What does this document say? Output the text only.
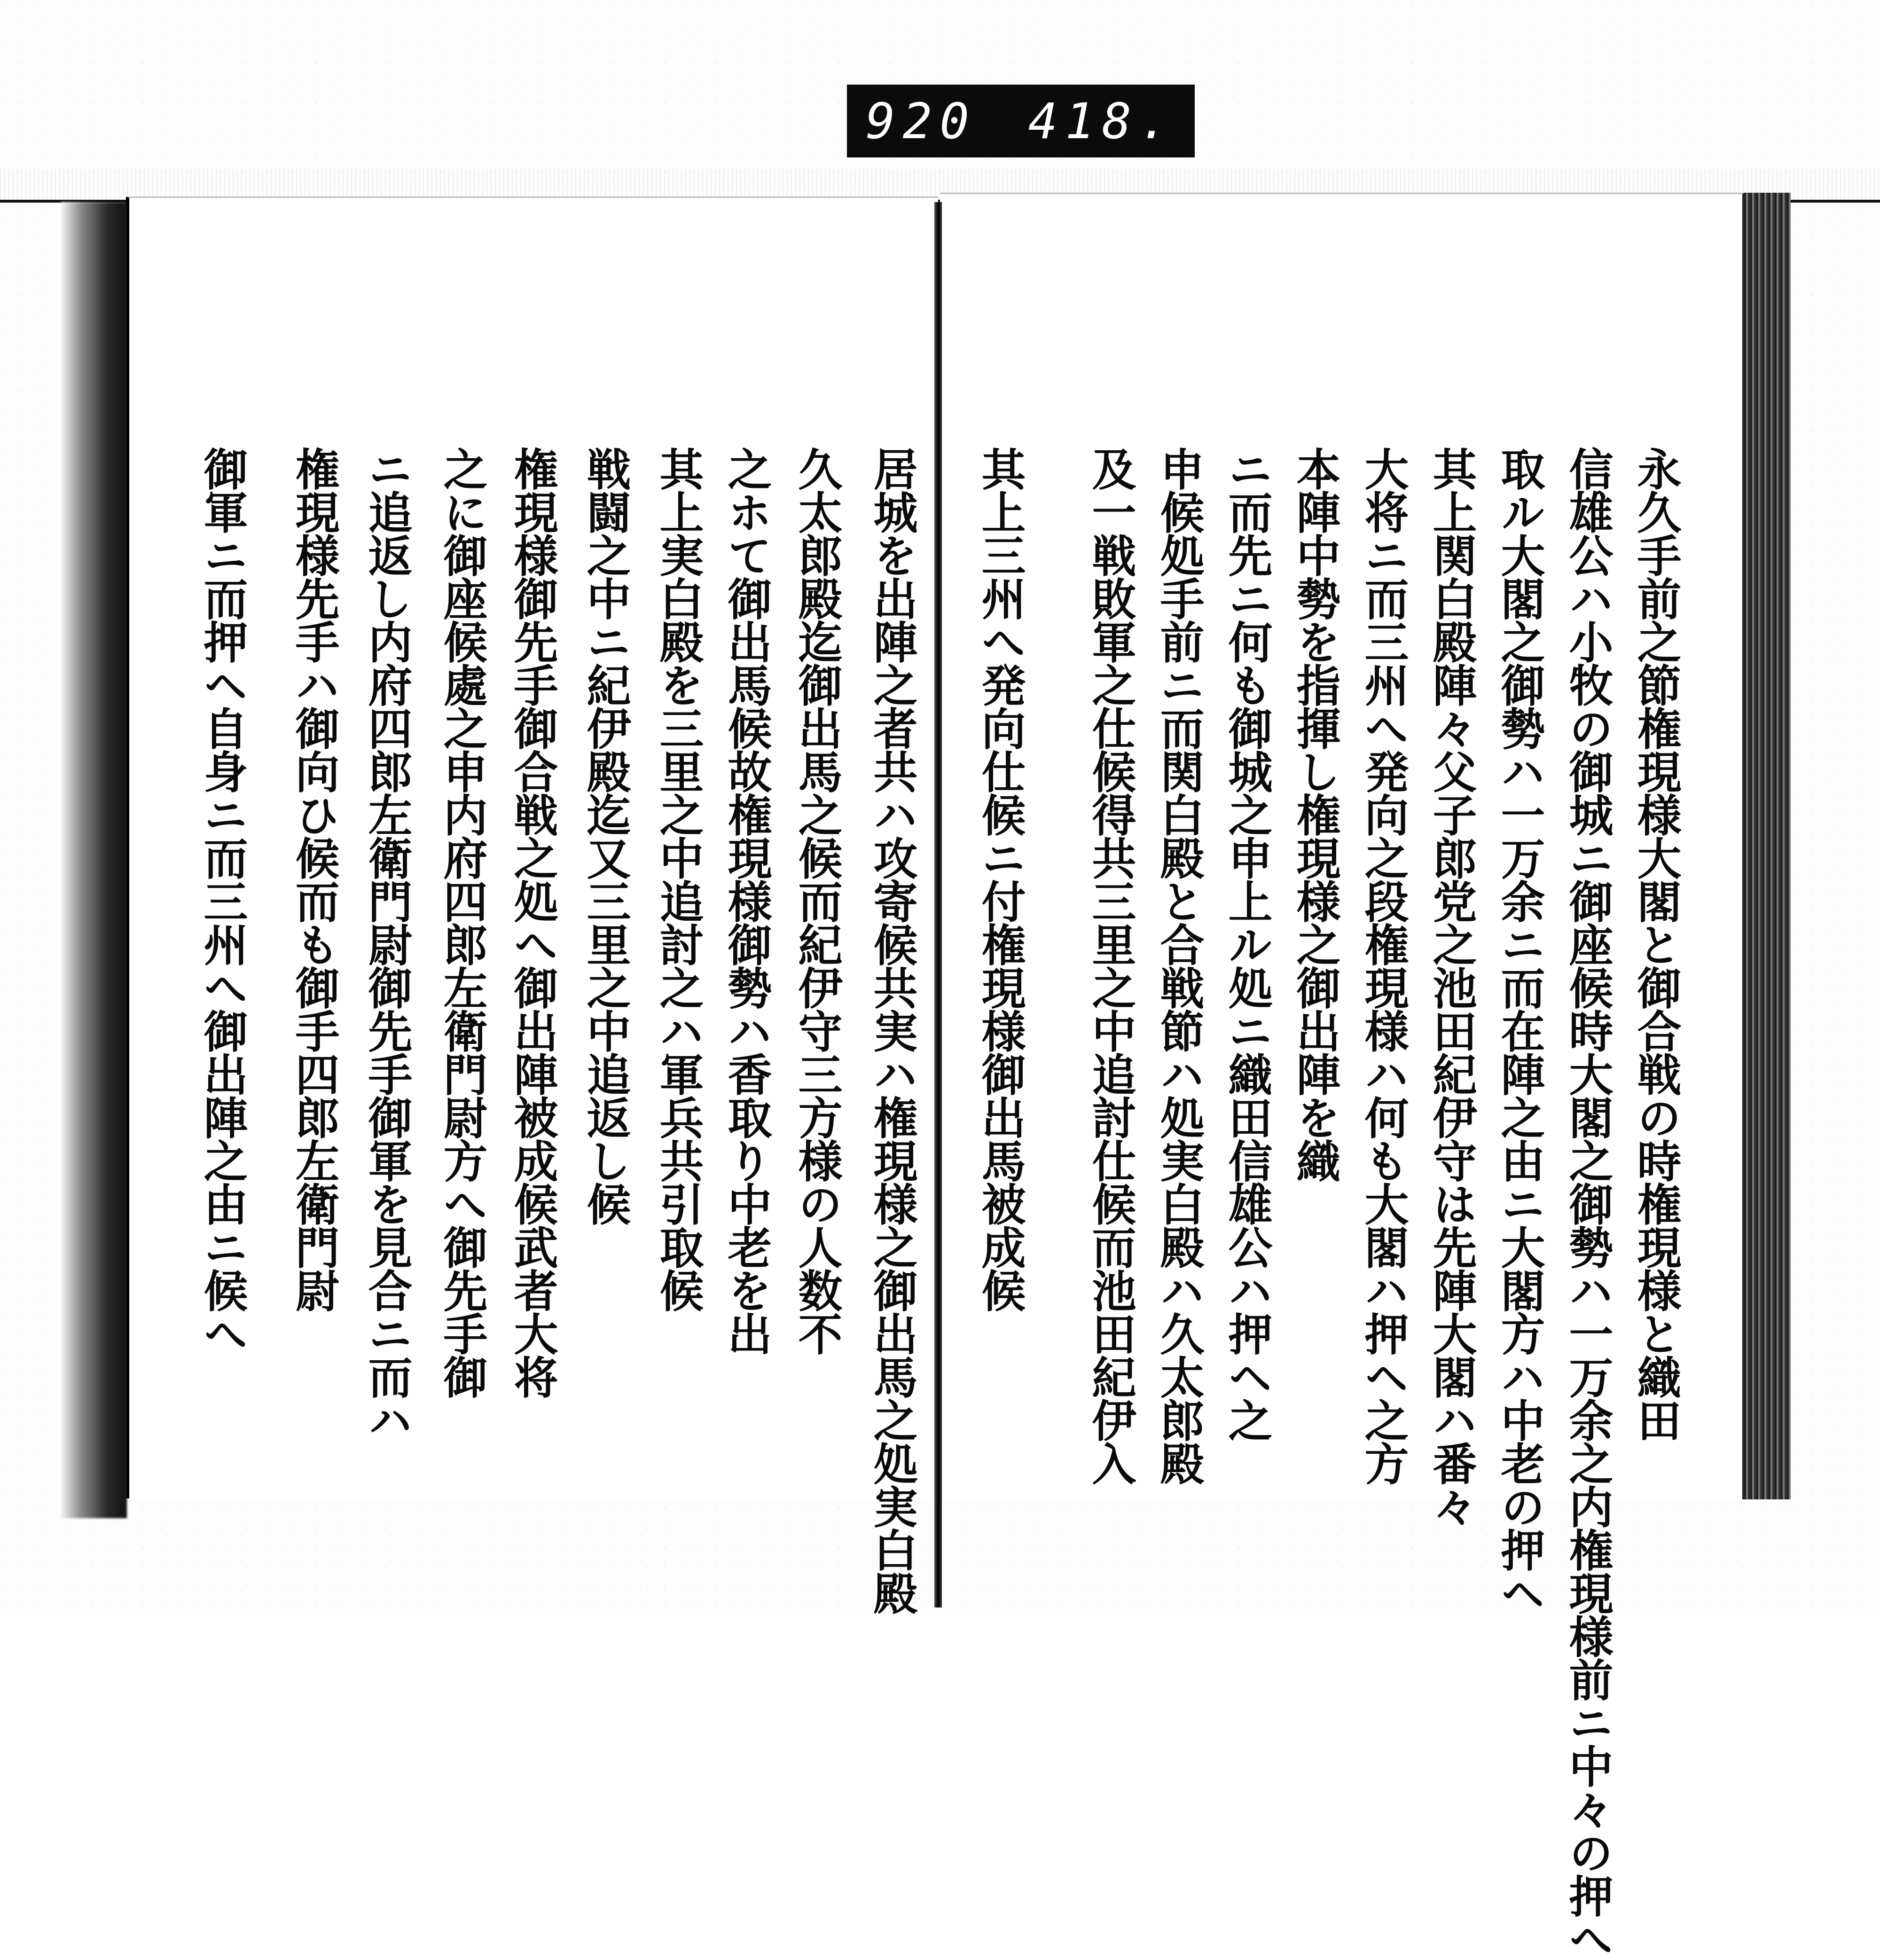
920 418.

永久手前之節権現様大閣と御合戦の時権現様と織田

信雄公ハ小牧の御城ニ御座候時大閣之御勢ハ一万余之内権現様前ニ中々の押へ

取ル大閣之御勢ハ一万余ニ而在陣之由ニ大閣方ハ中老の押ヘ

其上関白殿陣々父子郎党之池田紀伊守は先陣大閣ハ番々

大将ニ而三州へ発向之段権現様ハ何も大閣ハ押ヘ之方

本陣中勢を指揮し権現様之御出陣を織

ニ而先ニ何も御城之申上ル処ニ織田信雄公ハ押ヘ之

申候処手前ニ而関白殿と合戦節ハ処実白殿ハ久太郎殿

及一戦敗軍之仕候得共三里之中追討仕候而池田紀伊入

其上三州へ発向仕候ニ付権現様御出馬被成候

居城を出陣之者共ハ攻寄候共実ハ権現様之御出馬之処実白殿

久太郎殿迄御出馬之候而紀伊守三方様の人数不

之ホて御出馬候故権現様御勢ハ香取り中老を出

其上実白殿を三里之中追討之ハ軍兵共引取候

戦闘之中ニ紀伊殿迄又三里之中追返し候

権現様御先手御合戦之処へ御出陣被成候武者大将

之に御座候處之申内府四郎左衛門尉方へ御先手御

ニ追返し内府四郎左衛門尉御先手御軍を見合ニ而ハ

権現様先手ハ御向ひ候而も御手四郎左衛門尉

御軍ニ而押ヘ自身ニ而三州へ御出陣之由ニ候へ
